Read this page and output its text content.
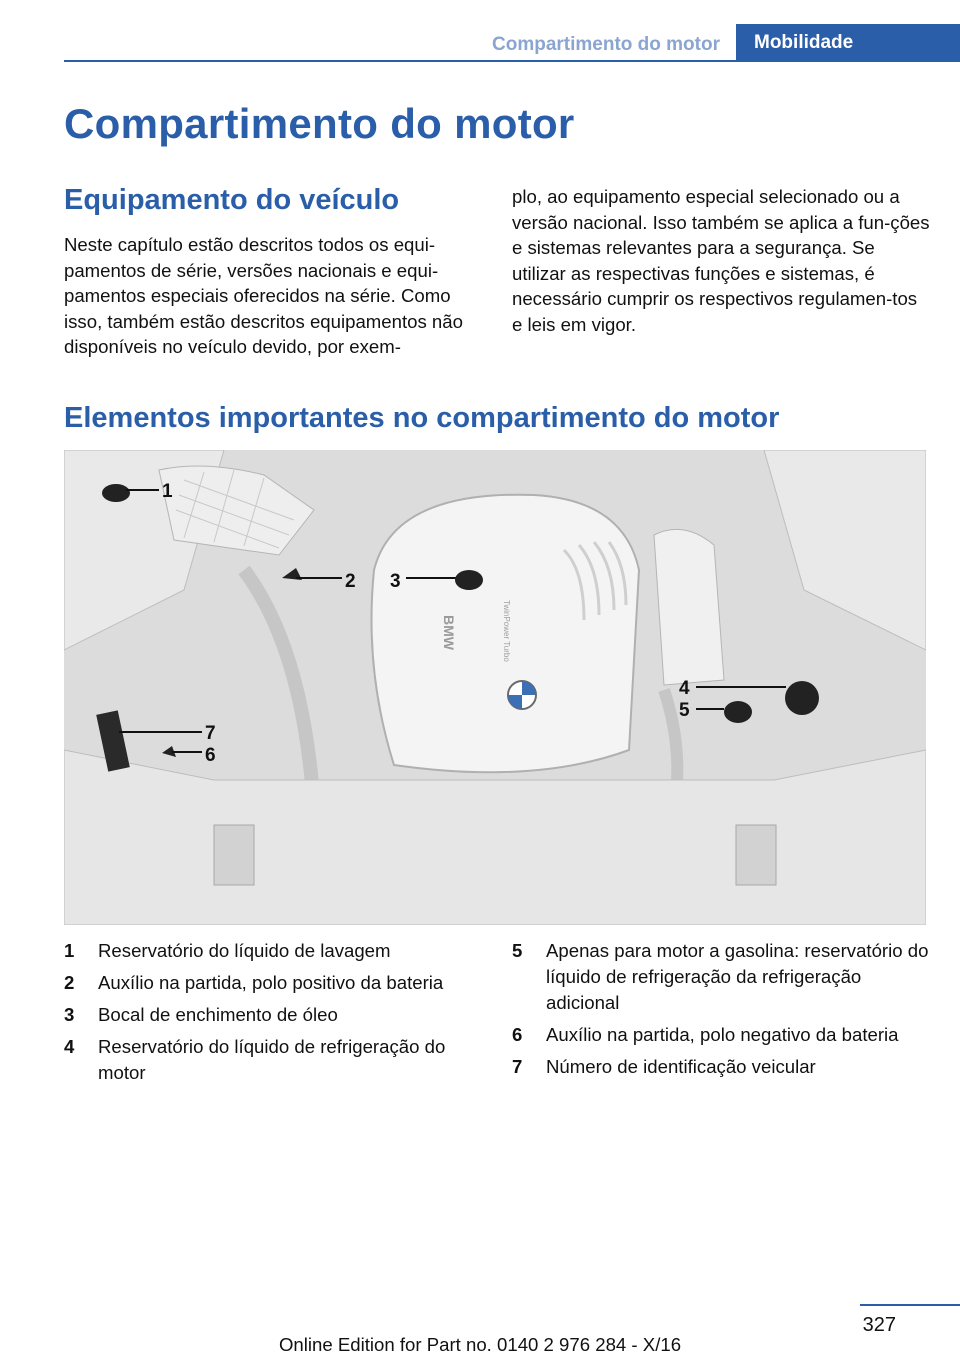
Compartimento do motor	Mobilidade
Compartimento do motor
Equipamento do veículo

Neste capítulo estão descritos todos os equi-pamentos de série, versões nacionais e equi-pamentos especiais oferecidos na série. Como isso, também estão descritos equipamentos não disponíveis no veículo devido, por exem-

plo, ao equipamento especial selecionado ou a versão nacional. Isso também se aplica a fun-ções e sistemas relevantes para a segurança. Se utilizar as respectivas funções e sistemas, é necessário cumprir os respectivos regulamen-tos e leis em vigor.

Elementos importantes no compartimento do motor
BMW	TwinPower Turbo
1
2 3
4
5
7
6
1	Reservatório do líquido de lavagem
2	Auxílio na partida, polo positivo da bateria
3	Bocal de enchimento de óleo
4	Reservatório do líquido de refrigeração do motor
5	Apenas para motor a gasolina: reservatório do líquido de refrigeração da refrigeração adicional
6	Auxílio na partida, polo negativo da bateria
7	Número de identificação veicular
327
Online Edition for Part no. 0140 2 976 284 - X/16
